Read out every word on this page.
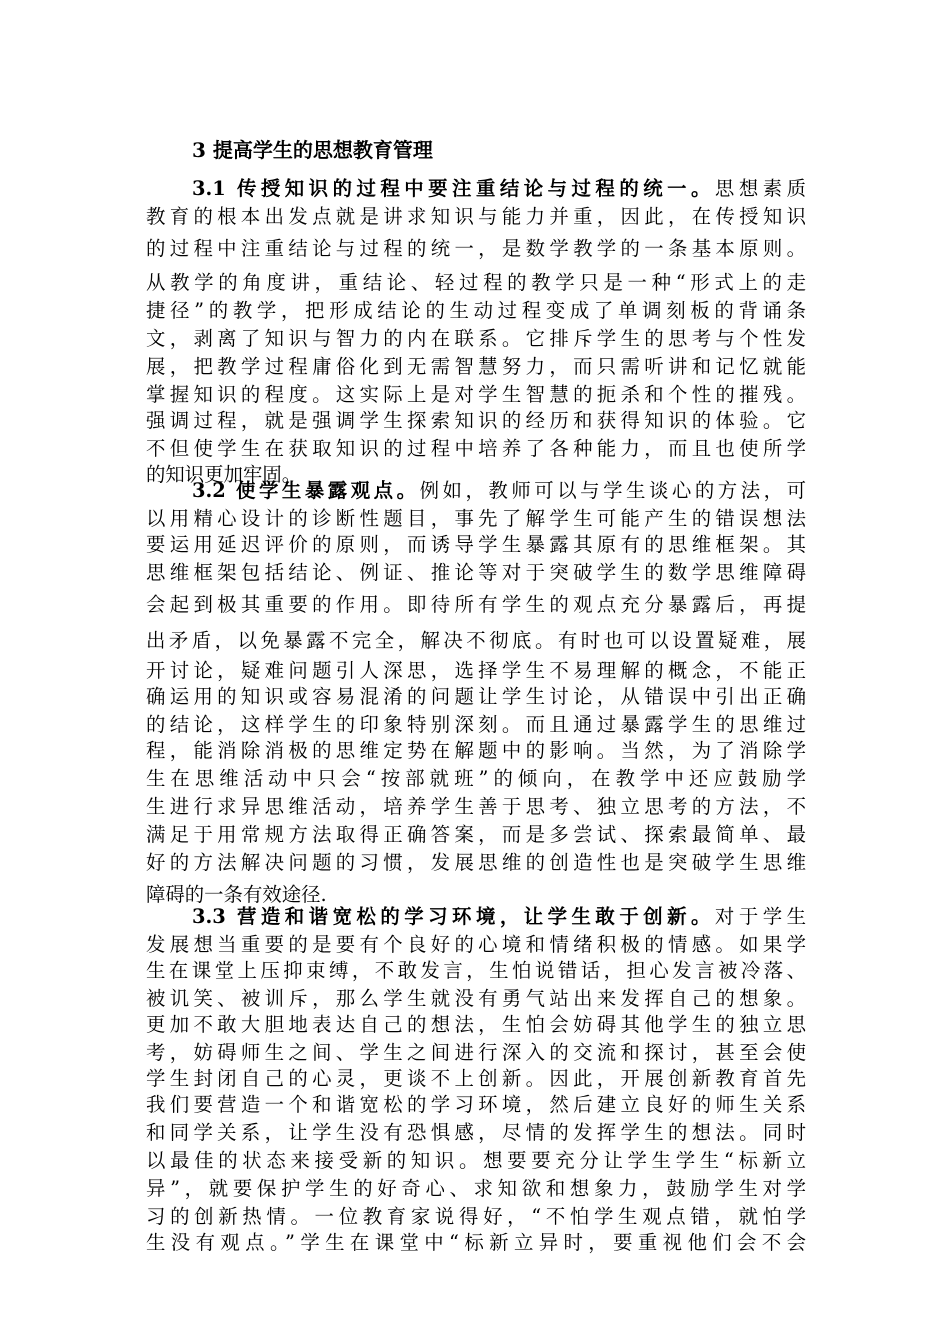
3 提高学生的思想教育管理
3.1 传授知识的过程中要注重结论与过程的统一。思想素质
教育的根本出发点就是讲求知识与能力并重，因此，在传授知识
的过程中注重结论与过程的统一，是数学教学的一条基本原则。
从教学的角度讲，重结论、轻过程的教学只是一种“形式上的走
捷径”的教学，把形成结论的生动过程变成了单调刻板的背诵条
文，剥离了知识与智力的内在联系。它排斥学生的思考与个性发
展，把教学过程庸俗化到无需智慧努力，而只需听讲和记忆就能
掌握知识的程度。这实际上是对学生智慧的扼杀和个性的摧残。
强调过程，就是强调学生探索知识的经历和获得知识的体验。它
不但使学生在获取知识的过程中培养了各种能力，而且也使所学
的知识更加牢固。
3.2 使学生暴露观点。例如，教师可以与学生谈心的方法，可
以用精心设计的诊断性题目，事先了解学生可能产生的错误想法
要运用延迟评价的原则，而诱导学生暴露其原有的思维框架。其
思维框架包括结论、例证、推论等对于突破学生的数学思维障碍
会起到极其重要的作用。即待所有学生的观点充分暴露后，再提
出矛盾，以免暴露不完全，解决不彻底。有时也可以设置疑难，展
开讨论，疑难问题引人深思，选择学生不易理解的概念，不能正
确运用的知识或容易混淆的问题让学生讨论，从错误中引出正确
的结论，这样学生的印象特别深刻。而且通过暴露学生的思维过
程，能消除消极的思维定势在解题中的影响。当然，为了消除学
生在思维活动中只会“按部就班”的倾向，在教学中还应鼓励学
生进行求异思维活动，培养学生善于思考、独立思考的方法，不
满足于用常规方法取得正确答案，而是多尝试、探索最简单、最
好的方法解决问题的习惯，发展思维的创造性也是突破学生思维
障碍的一条有效途径.
3.3 营造和谐宽松的学习环境，让学生敢于创新。对于学生
发展想当重要的是要有个良好的心境和情绪积极的情感。如果学
生在课堂上压抑束缚，不敢发言，生怕说错话，担心发言被冷落、
被讥笑、被训斥，那么学生就没有勇气站出来发挥自己的想象。
更加不敢大胆地表达自己的想法，生怕会妨碍其他学生的独立思
考，妨碍师生之间、学生之间进行深入的交流和探讨，甚至会使
学生封闭自己的心灵，更谈不上创新。因此，开展创新教育首先
我们要营造一个和谐宽松的学习环境，然后建立良好的师生关系
和同学关系，让学生没有恐惧感，尽情的发挥学生的想法。同时
以最佳的状态来接受新的知识。想要要充分让学生学生“标新立
异”，就要保护学生的好奇心、求知欲和想象力，鼓励学生对学
习的创新热情。一位教育家说得好，“不怕学生观点错，就怕学
生没有观点。”学生在课堂中“标新立异时，要重视他们会不会
